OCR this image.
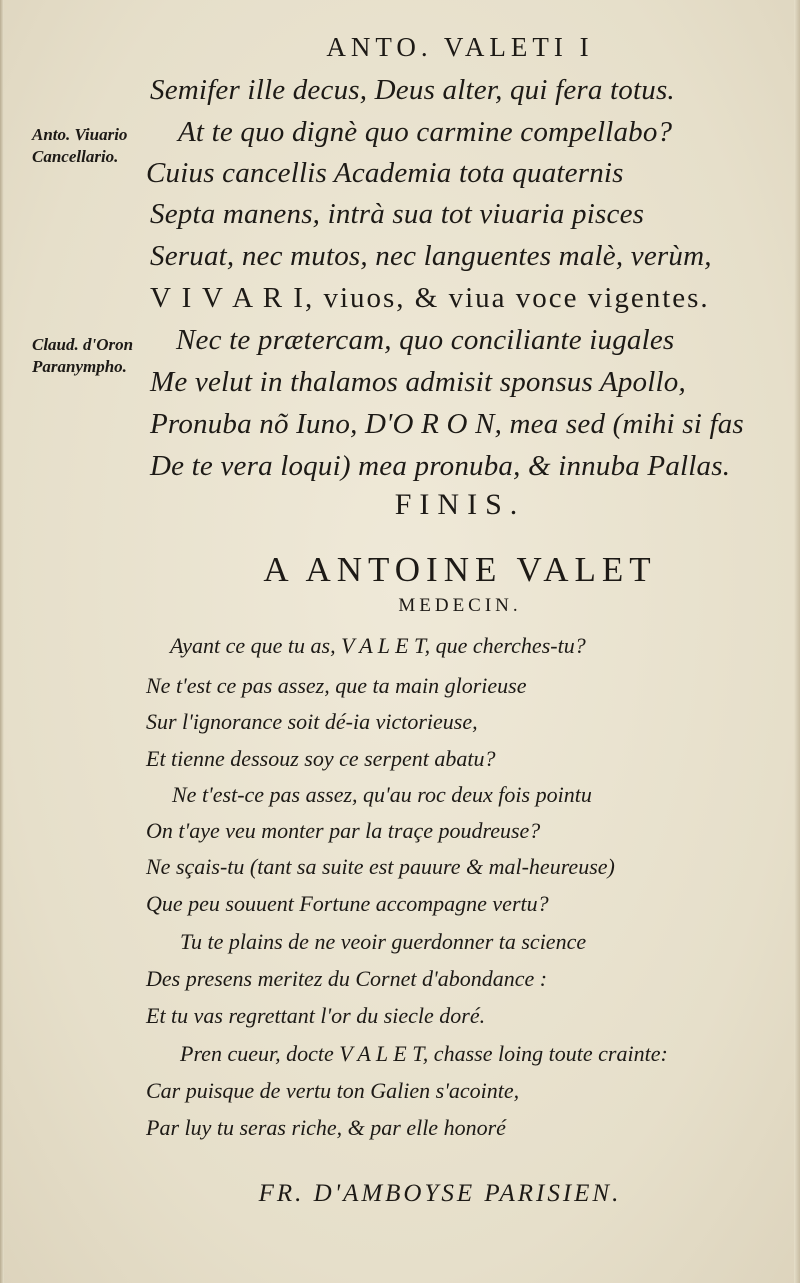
ANTO. VALETI I
Semifer ille decus, Deus alter, qui fera totus.
At te quo dignè quo carmine compellabo?
Cuius cancellis Academia tota quaternis
Septa manens, intrà sua tot viuaria pisces
Seruat, nec mutos, nec languentes malè, verùm,
V I V A R I, viuos, & viua voce vigentes.
Nec te prætercam, quo conciliante iugales
Me velut in thalamos admisit sponsus Apollo,
Pronuba nõ Iuno, D'O R O N, mea sed (mihi si fas
De te vera loqui) mea pronuba, & innuba Pallas.
Anto. Viuario Cancellario.
Claud. d'Oron Paranympho.
FINIS.
A ANTOINE VALET
MEDECIN.
Ayant ce que tu as, V A L E T, que cherches-tu?
Ne t'est ce pas assez, que ta main glorieuse
Sur l'ignorance soit dé-ia victorieuse,
Et tienne dessouz soy ce serpent abatu?
Ne t'est-ce pas assez, qu'au roc deux fois pointu
On t'aye veu monter par la traçe poudreuse?
Ne sçais-tu (tant sa suite est pauure & mal-heureuse)
Que peu souuent Fortune accompagne vertu?
Tu te plains de ne veoir guerdonner ta science
Des presens meritez du Cornet d'abondance :
Et tu vas regrettant l'or du siecle doré.
Pren cueur, docte V A L E T, chasse loing toute crainte:
Car puisque de vertu ton Galien s'acointe,
Par luy tu seras riche, & par elle honoré
FR. D'AMBOYSE PARISIEN.
